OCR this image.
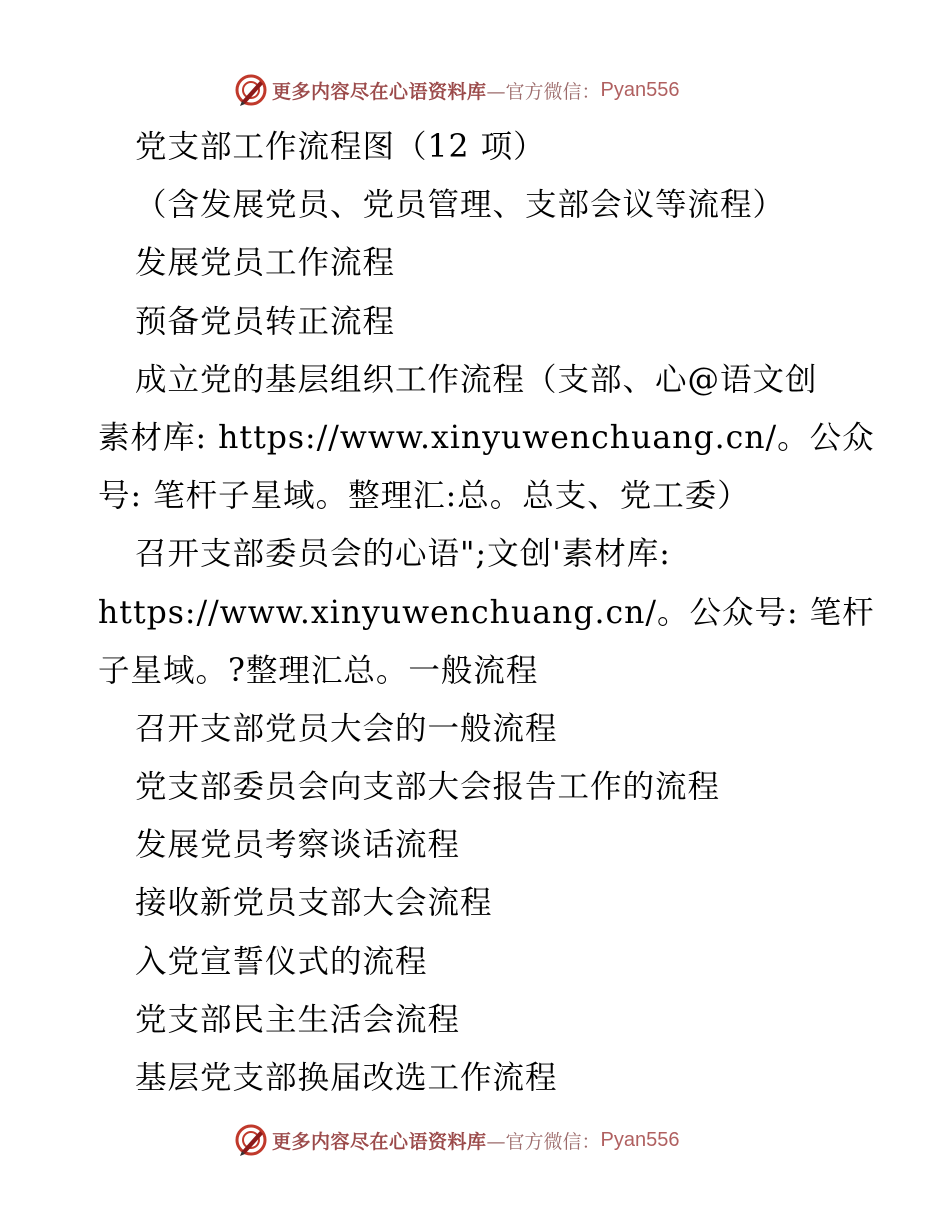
更多内容尽在心语资料库 —官方微信： Pyan556
党支部工作流程图（12 项）
（含发展党员、党员管理、支部会议等流程）
发展党员工作流程
预备党员转正流程
成立党的基层组织工作流程（支部、心@语文创
素材库: https://www.xinyuwenchuang.cn/。公众
号: 笔杆子星域。整理汇:总。总支、党工委）
召开支部委员会的心语";文创'素材库:
https://www.xinyuwenchuang.cn/。公众号: 笔杆
子星域。?整理汇总。一般流程
召开支部党员大会的一般流程
党支部委员会向支部大会报告工作的流程
发展党员考察谈话流程
接收新党员支部大会流程
入党宣誓仪式的流程
党支部民主生活会流程
基层党支部换届改选工作流程
更多内容尽在心语资料库 —官方微信： Pyan556
